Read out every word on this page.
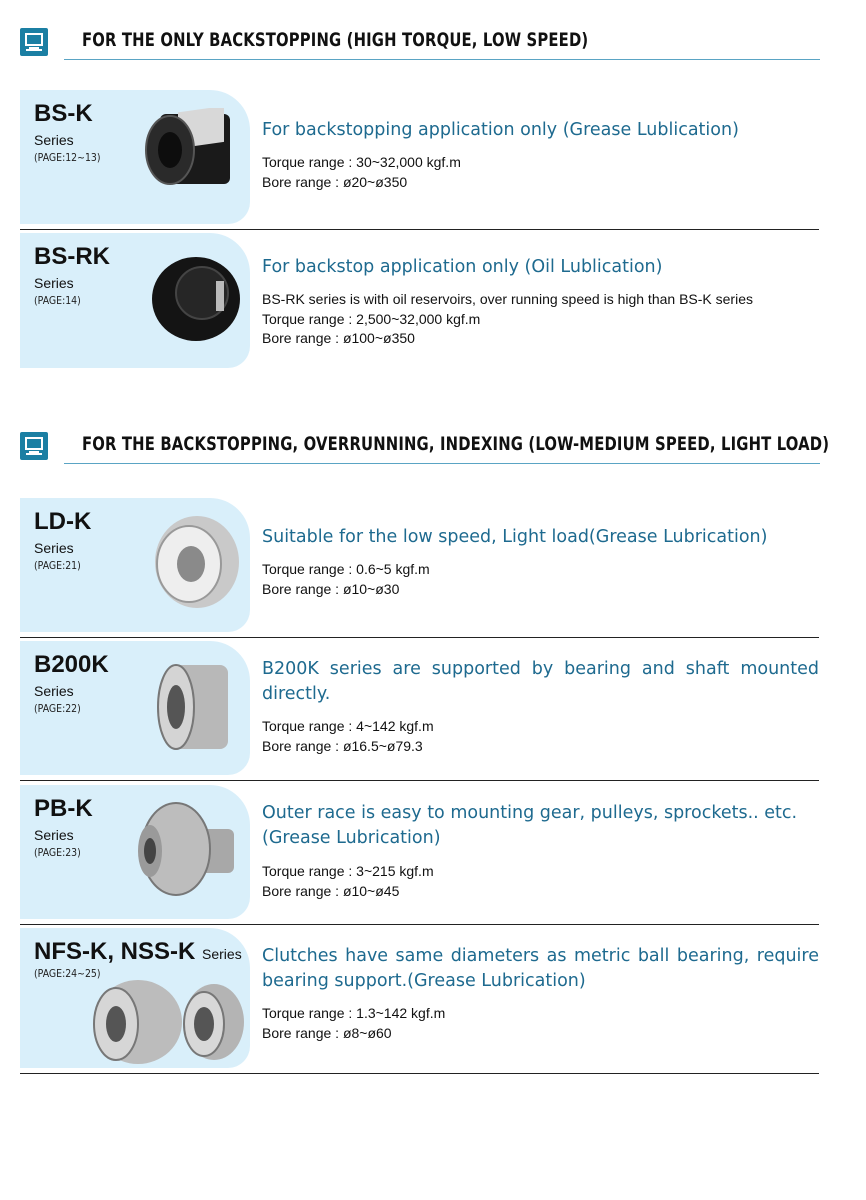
FOR THE ONLY BACKSTOPPING (HIGH TORQUE, LOW SPEED)
BS-K
Series
(PAGE:12~13)
For backstopping application only (Grease Lublication)
Torque range : 30~32,000 kgf.m
Bore range : ø20~ø350
BS-RK
Series
(PAGE:14)
For backstop application only (Oil Lublication)
BS-RK series is with oil reservoirs, over running speed is high than BS-K series
Torque range : 2,500~32,000 kgf.m
Bore range : ø100~ø350
FOR THE BACKSTOPPING, OVERRUNNING, INDEXING (LOW-MEDIUM SPEED, LIGHT LOAD)
LD-K
Series
(PAGE:21)
Suitable for the low speed, Light load(Grease Lubrication)
Torque range : 0.6~5 kgf.m
Bore range : ø10~ø30
B200K
Series
(PAGE:22)
B200K series are supported by bearing and shaft mounted directly.
Torque range : 4~142 kgf.m
Bore range : ø16.5~ø79.3
PB-K
Series
(PAGE:23)
Outer race is easy to mounting gear, pulleys, sprockets.. etc. (Grease Lubrication)
Torque range : 3~215 kgf.m
Bore range : ø10~ø45
NFS-K, NSS-K Series
(PAGE:24~25)
Clutches have same diameters as metric ball bearing, require bearing support.(Grease Lubrication)
Torque range : 1.3~142 kgf.m
Bore range : ø8~ø60
